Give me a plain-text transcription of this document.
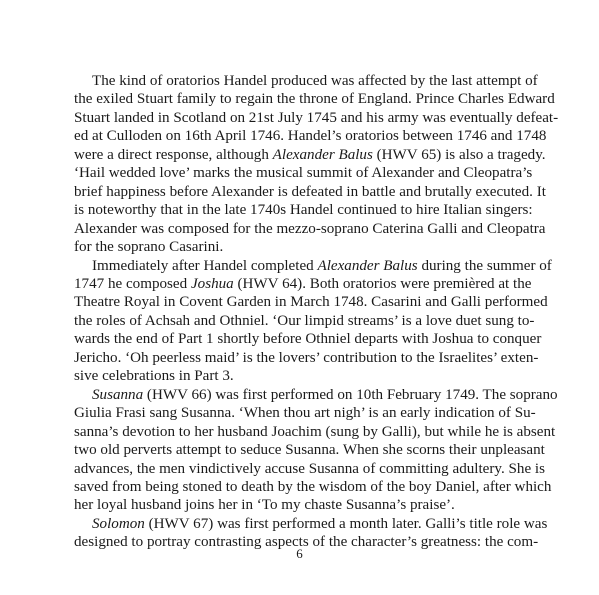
The kind of oratorios Handel produced was affected by the last attempt of
the exiled Stuart family to regain the throne of England. Prince Charles Edward
Stuart landed in Scotland on 21st July 1745 and his army was eventually defeat-
ed at Culloden on 16th April 1746. Handel’s oratorios between 1746 and 1748
were a direct response, although Alexander Balus (HWV 65) is also a tragedy.
‘Hail wedded love’ marks the musical summit of Alexander and Cleopatra’s
brief happiness before Alexander is defeated in battle and brutally executed. It
is noteworthy that in the late 1740s Handel continued to hire Italian singers:
Alexander was composed for the mezzo-soprano Caterina Galli and Cleopatra
for the soprano Casarini.

Immediately after Handel completed Alexander Balus during the summer of
1747 he composed Joshua (HWV 64). Both oratorios were premièred at the
Theatre Royal in Covent Garden in March 1748. Casarini and Galli performed
the roles of Achsah and Othniel. ‘Our limpid streams’ is a love duet sung to-
wards the end of Part 1 shortly before Othniel departs with Joshua to conquer
Jericho. ‘Oh peerless maid’ is the lovers’ contribution to the Israelites’ exten-
sive celebrations in Part 3.

Susanna (HWV 66) was first performed on 10th February 1749. The soprano
Giulia Frasi sang Susanna. ‘When thou art nigh’ is an early indication of Su-
sanna’s devotion to her husband Joachim (sung by Galli), but while he is absent
two old perverts attempt to seduce Susanna. When she scorns their unpleasant
advances, the men vindictively accuse Susanna of committing adultery. She is
saved from being stoned to death by the wisdom of the boy Daniel, after which
her loyal husband joins her in ‘To my chaste Susanna’s praise’.

Solomon (HWV 67) was first performed a month later. Galli’s title role was
designed to portray contrasting aspects of the character’s greatness: the com-

6
